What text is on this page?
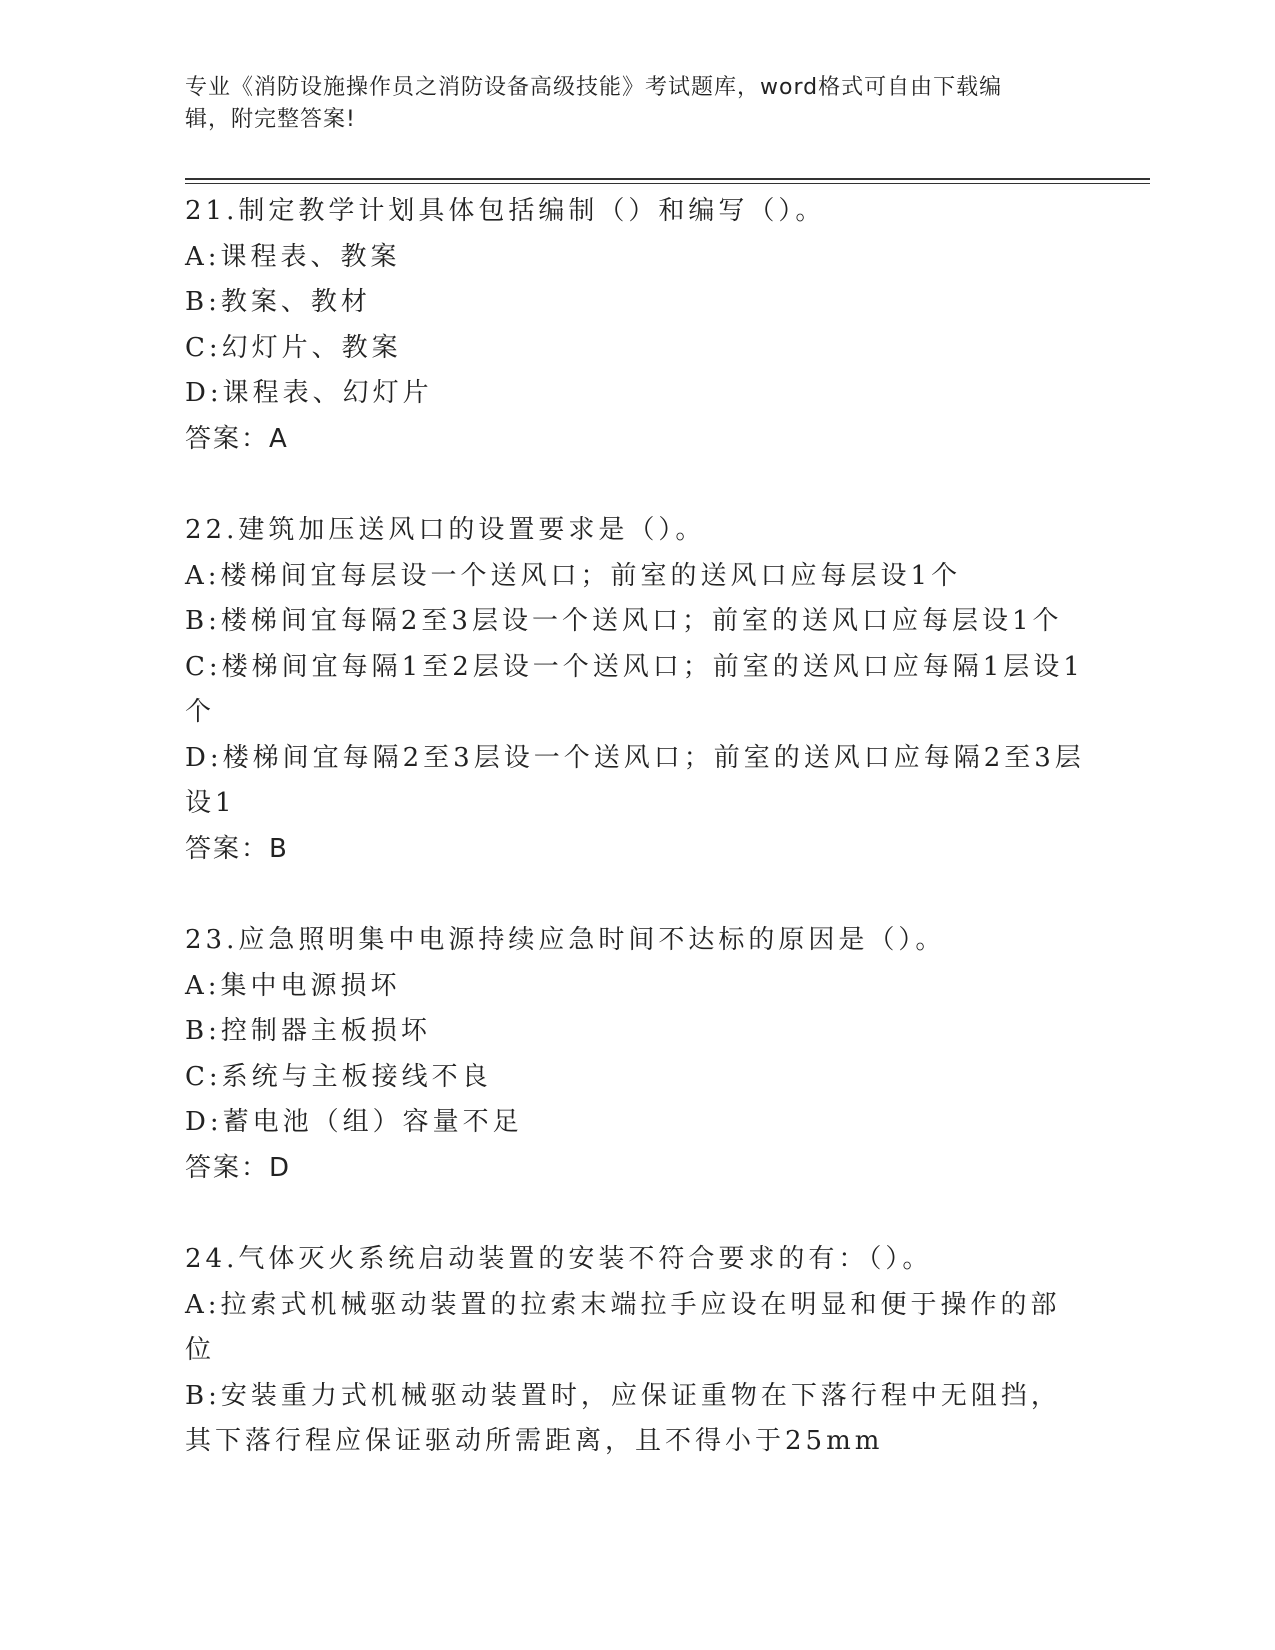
专业《消防设施操作员之消防设备高级技能》考试题库，word格式可自由下载编
辑，附完整答案!
21.制定教学计划具体包括编制（）和编写（）。
A:课程表、教案
B:教案、教材
C:幻灯片、教案
D:课程表、幻灯片
答案：A
22.建筑加压送风口的设置要求是（）。
A:楼梯间宜每层设一个送风口；前室的送风口应每层设1个
B:楼梯间宜每隔2至3层设一个送风口；前室的送风口应每层设1个
C:楼梯间宜每隔1至2层设一个送风口；前室的送风口应每隔1层设1个
D:楼梯间宜每隔2至3层设一个送风口；前室的送风口应每隔2至3层设1
答案：B
23.应急照明集中电源持续应急时间不达标的原因是（）。
A:集中电源损坏
B:控制器主板损坏
C:系统与主板接线不良
D:蓄电池（组）容量不足
答案：D
24.气体灭火系统启动装置的安装不符合要求的有：（）。
A:拉索式机械驱动装置的拉索末端拉手应设在明显和便于操作的部位
B:安装重力式机械驱动装置时，应保证重物在下落行程中无阻挡，其下落行程应保证驱动所需距离，且不得小于25mm
